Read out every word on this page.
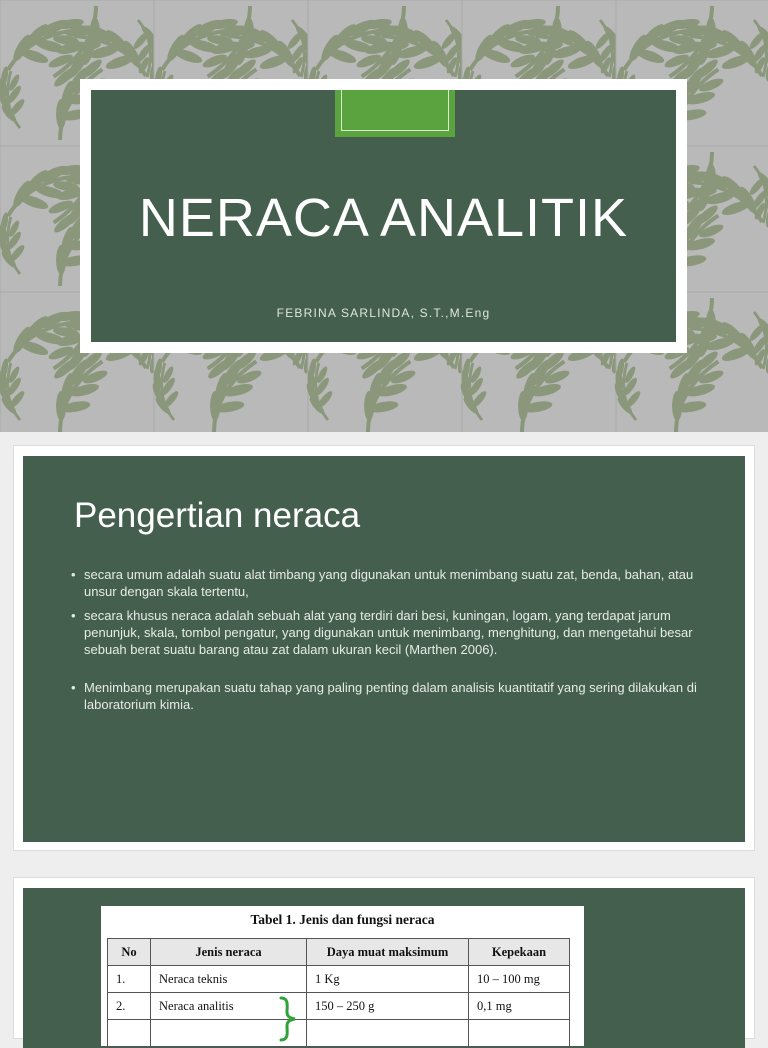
NERACA ANALITIK
FEBRINA SARLINDA, S.T.,M.Eng
Pengertian neraca
• secara umum adalah suatu alat timbang yang digunakan untuk menimbang suatu zat, benda, bahan, atau unsur dengan skala tertentu,
• secara khusus neraca adalah sebuah alat yang terdiri dari besi, kuningan, logam, yang terdapat jarum penunjuk, skala, tombol pengatur, yang digunakan untuk menimbang, menghitung, dan mengetahui besar sebuah berat suatu barang atau zat dalam ukuran kecil (Marthen 2006).
• Menimbang merupakan suatu tahap yang paling penting dalam analisis kuantitatif yang sering dilakukan di laboratorium kimia.
Tabel 1. Jenis dan fungsi neraca
No	Jenis neraca	Daya muat maksimum	Kepekaan
1.	Neraca teknis	1 Kg	10 – 100 mg
2.	Neraca analitis	150 – 250 g	0,1 mg
